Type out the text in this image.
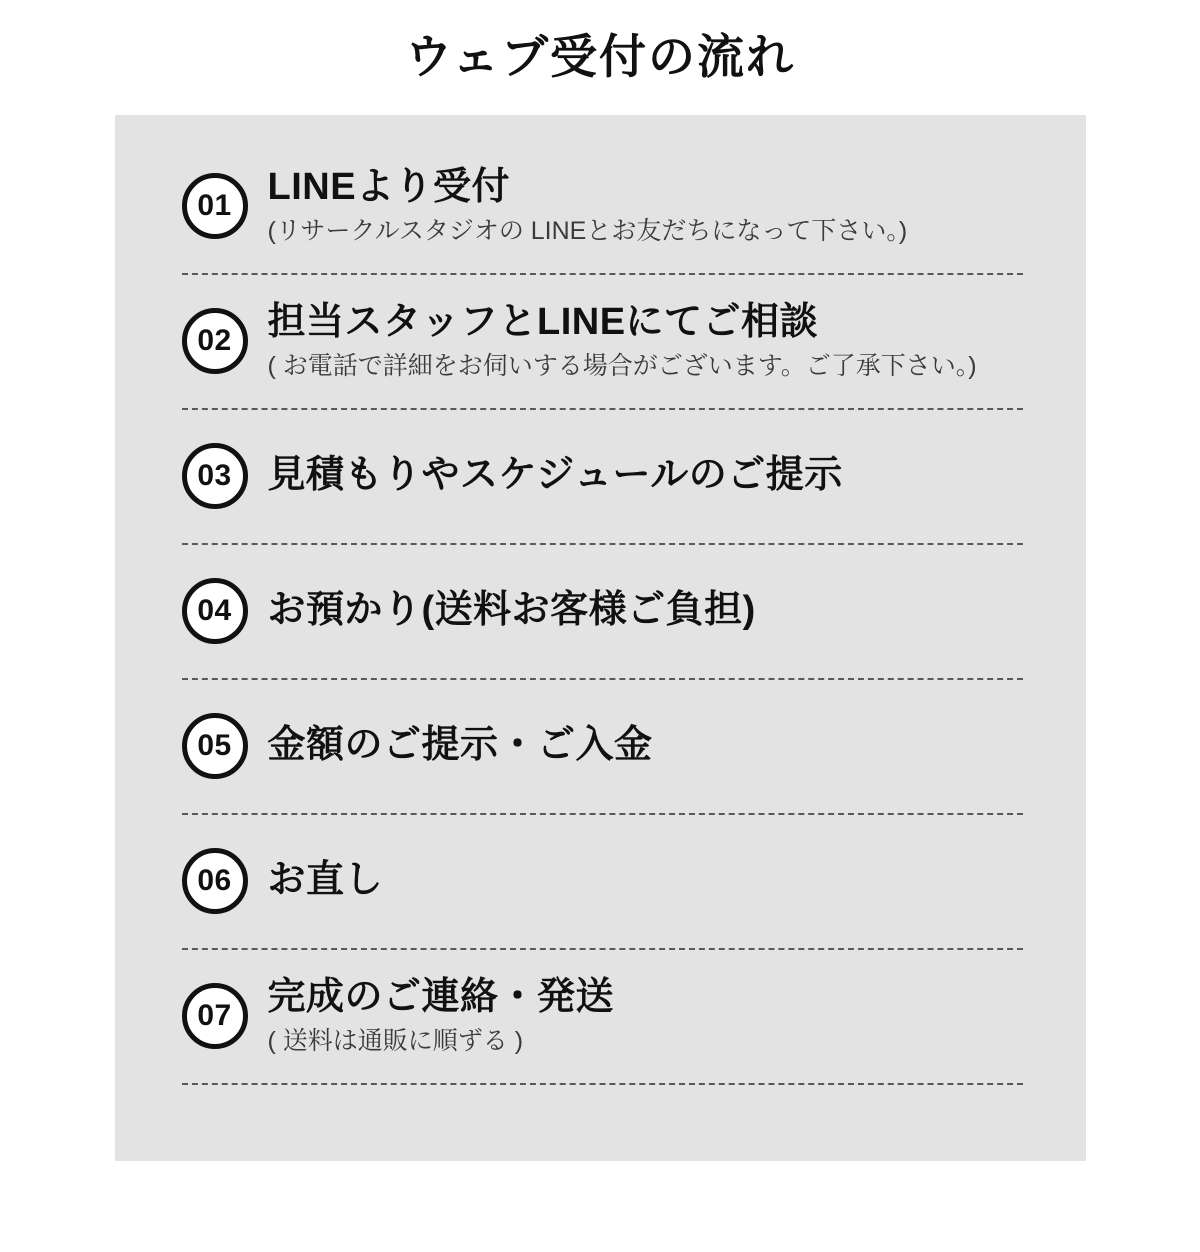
ウェブ受付の流れ
01 LINEより受付
(リサークルスタジオの LINEとお友だちになって下さい。)
02 担当スタッフとLINEにてご相談
( お電話で詳細をお伺いする場合がございます。ご了承下さい。)
03 見積もりやスケジュールのご提示
04 お預かり(送料お客様ご負担)
05 金額のご提示・ご入金
06 お直し
07 完成のご連絡・発送
( 送料は通販に順ずる )
